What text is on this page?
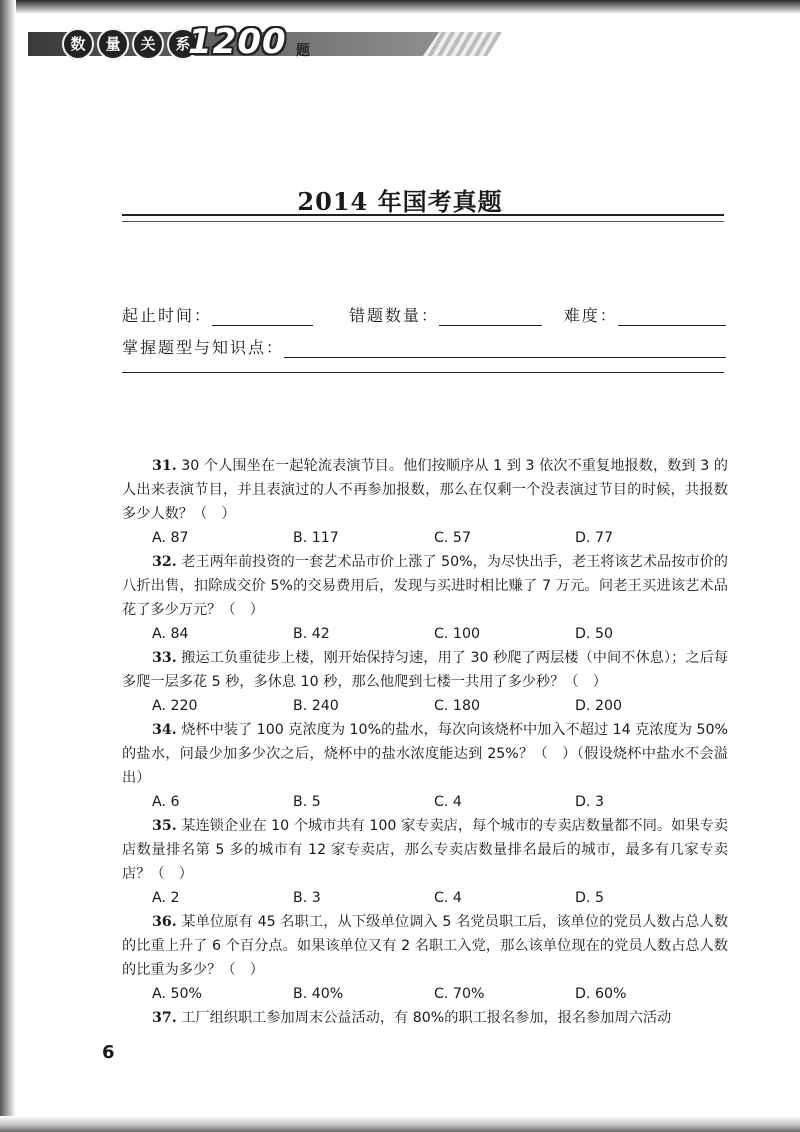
数	量	关	系
1200 题
2014 年国考真题
起止时间：	错题数量：	难度：
掌握题型与知识点：

31. 30 个人围坐在一起轮流表演节目。他们按顺序从 1 到 3 依次不重复地报数，数到 3 的人出来表演节目，并且表演过的人不再参加报数，那么在仅剩一个没表演过节目的时候，共报数多少人数？（　）

A. 87	B. 117	C. 57	D. 77

32. 老王两年前投资的一套艺术品市价上涨了 50%，为尽快出手，老王将该艺术品按市价的八折出售，扣除成交价 5%的交易费用后，发现与买进时相比赚了 7 万元。问老王买进该艺术品花了多少万元？（　）

A. 84	B. 42	C. 100	D. 50

33. 搬运工负重徒步上楼，刚开始保持匀速，用了 30 秒爬了两层楼（中间不休息）；之后每多爬一层多花 5 秒，多休息 10 秒，那么他爬到七楼一共用了多少秒？（　）

A. 220	B. 240	C. 180	D. 200

34. 烧杯中装了 100 克浓度为 10%的盐水，每次向该烧杯中加入不超过 14 克浓度为 50%的盐水，问最少加多少次之后，烧杯中的盐水浓度能达到 25%？（　）（假设烧杯中盐水不会溢出）

A. 6	B. 5	C. 4	D. 3

35. 某连锁企业在 10 个城市共有 100 家专卖店，每个城市的专卖店数量都不同。如果专卖店数量排名第 5 多的城市有 12 家专卖店，那么专卖店数量排名最后的城市，最多有几家专卖店？（　）

A. 2	B. 3	C. 4	D. 5

36. 某单位原有 45 名职工，从下级单位调入 5 名党员职工后，该单位的党员人数占总人数的比重上升了 6 个百分点。如果该单位又有 2 名职工入党，那么该单位现在的党员人数占总人数的比重为多少？（　）

A. 50%	B. 40%	C. 70%	D. 60%

37. 工厂组织职工参加周末公益活动，有 80%的职工报名参加，报名参加周六活动

6
